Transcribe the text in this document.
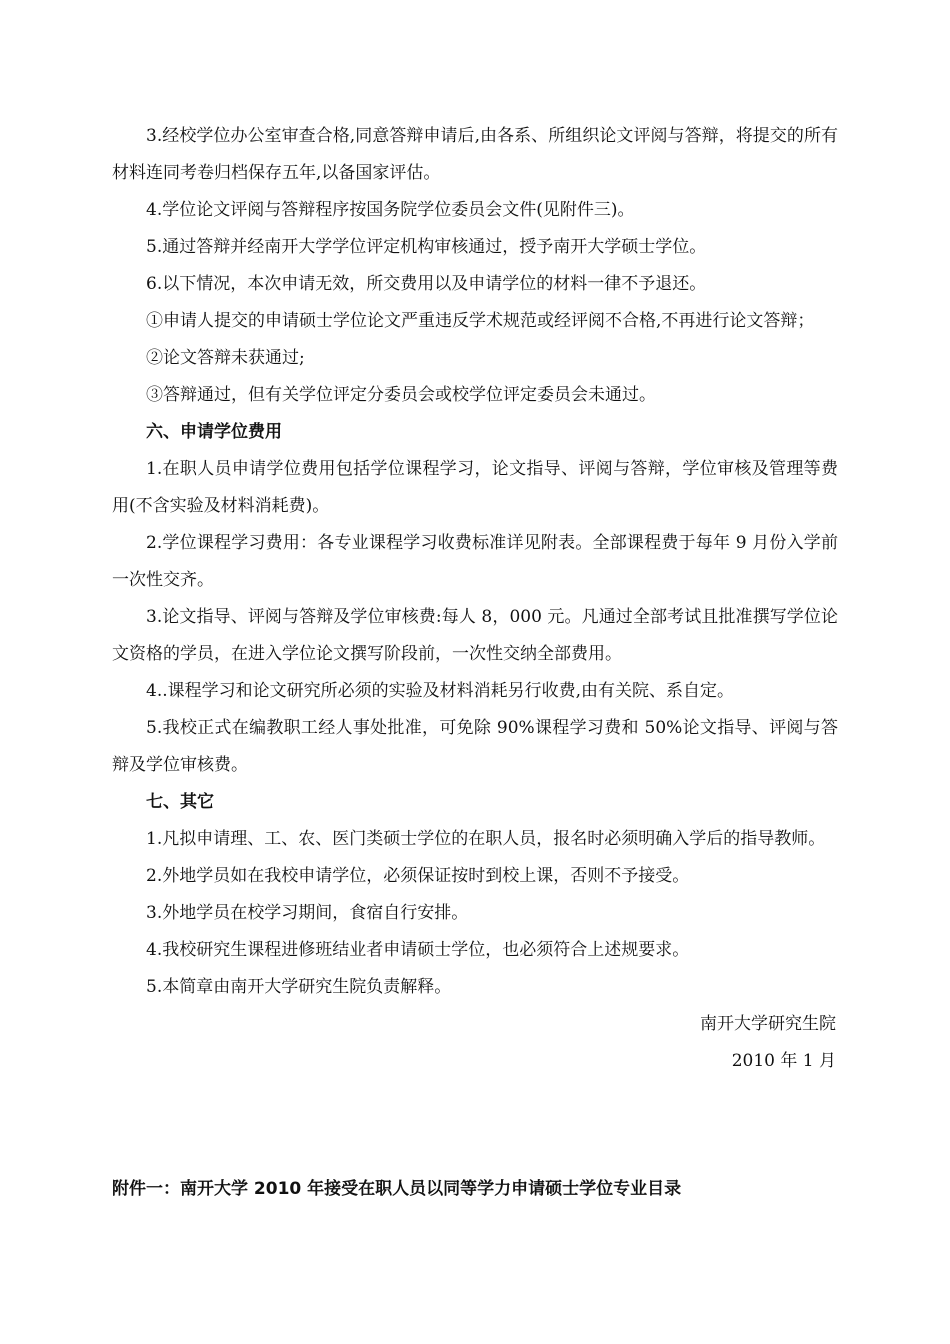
3.经校学位办公室审查合格,同意答辩申请后,由各系、所组织论文评阅与答辩，将提交的所有材料连同考卷归档保存五年,以备国家评估。

4.学位论文评阅与答辩程序按国务院学位委员会文件(见附件三)。

5.通过答辩并经南开大学学位评定机构审核通过，授予南开大学硕士学位。

6.以下情况，本次申请无效，所交费用以及申请学位的材料一律不予退还。

①申请人提交的申请硕士学位论文严重违反学术规范或经评阅不合格,不再进行论文答辩；

②论文答辩未获通过;

③答辩通过，但有关学位评定分委员会或校学位评定委员会未通过。

六、申请学位费用

1.在职人员申请学位费用包括学位课程学习，论文指导、评阅与答辩，学位审核及管理等费用(不含实验及材料消耗费)。

2.学位课程学习费用：各专业课程学习收费标准详见附表。全部课程费于每年 9 月份入学前一次性交齐。

3.论文指导、评阅与答辩及学位审核费:每人 8，000 元。凡通过全部考试且批准撰写学位论文资格的学员，在进入学位论文撰写阶段前，一次性交纳全部费用。

4..课程学习和论文研究所必须的实验及材料消耗另行收费,由有关院、系自定。

5.我校正式在编教职工经人事处批准，可免除 90%课程学习费和 50%论文指导、评阅与答辩及学位审核费。

七、其它

1.凡拟申请理、工、农、医门类硕士学位的在职人员，报名时必须明确入学后的指导教师。

2.外地学员如在我校申请学位，必须保证按时到校上课，否则不予接受。

3.外地学员在校学习期间，食宿自行安排。

4.我校研究生课程进修班结业者申请硕士学位，也必须符合上述规要求。

5.本简章由南开大学研究生院负责解释。

南开大学研究生院

2010 年 1 月

附件一：南开大学 2010 年接受在职人员以同等学力申请硕士学位专业目录
